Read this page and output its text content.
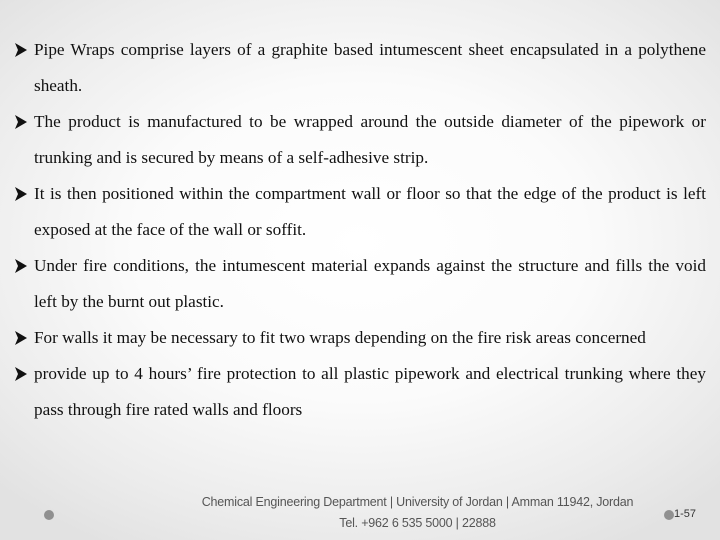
Pipe Wraps comprise layers of a graphite based intumescent sheet encapsulated in a polythene sheath.
The product is manufactured to be wrapped around the outside diameter of the pipework or trunking and is secured by means of a self-adhesive strip.
It is then positioned within the compartment wall or floor so that the edge of the product is left exposed at the face of the wall or soffit.
Under fire conditions, the intumescent material expands against the structure and fills the void left by the burnt out plastic.
For walls it may be necessary to fit two wraps depending on the fire risk areas concerned
provide up to 4 hours’ fire protection to all plastic pipework and electrical trunking where they pass through fire rated walls and floors
Chemical Engineering Department | University of Jordan | Amman 11942, Jordan
Tel. +962 6 535 5000 | 22888
1-57
